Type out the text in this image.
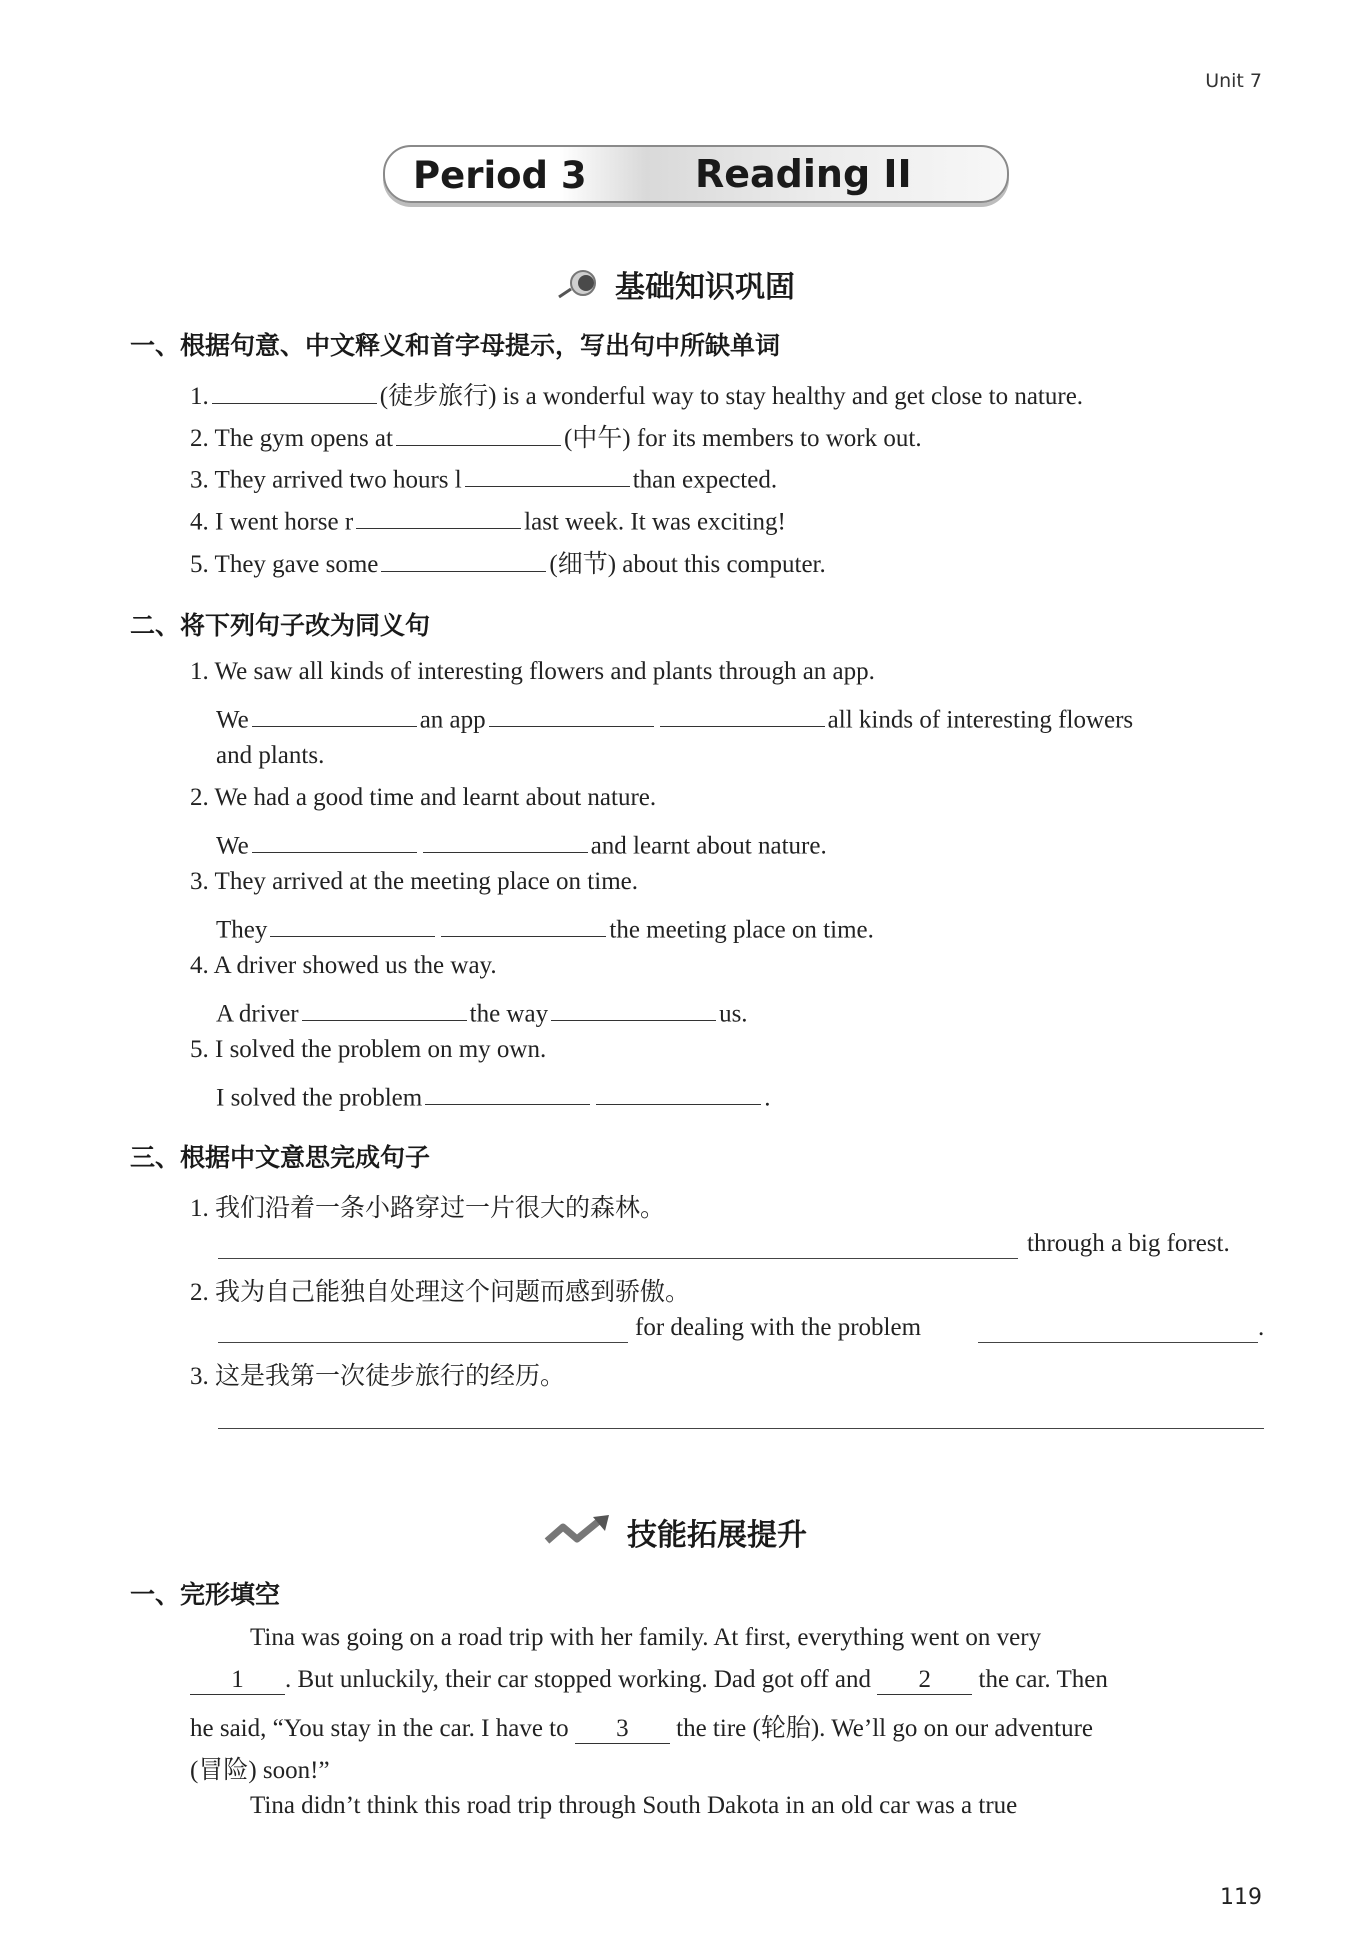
Unit 7
Period 3	Reading II
基础知识巩固
一、根据句意、中文释义和首字母提示，写出句中所缺单词
1.	(徒步旅行) is a wonderful way to stay healthy and get close to nature.
2. The gym opens at	(中午) for its members to work out.
3. They arrived two hours l	than expected.
4. I went horse r	last week. It was exciting!
5. They gave some	(细节) about this computer.
二、将下列句子改为同义句
1. We saw all kinds of interesting flowers and plants through an app.
We	an app	all kinds of interesting flowers
and plants.
2. We had a good time and learnt about nature.
We	and learnt about nature.
3. They arrived at the meeting place on time.
They	the meeting place on time.
4. A driver showed us the way.
A driver	the way	us.
5. I solved the problem on my own.
I solved the problem	.
三、根据中文意思完成句子
1. 我们沿着一条小路穿过一片很大的森林。
through a big forest.
2. 我为自己能独自处理这个问题而感到骄傲。
for dealing with the problem	.
3. 这是我第一次徒步旅行的经历。
技能拓展提升
一、完形填空
Tina was going on a road trip with her family. At first, everything went on very
1 . But unluckily, their car stopped working. Dad got off and 2 the car. Then
he said, “You stay in the car. I have to 3 the tire (轮胎). We’ll go on our adventure
(冒险) soon!”
Tina didn’t think this road trip through South Dakota in an old car was a true
119
